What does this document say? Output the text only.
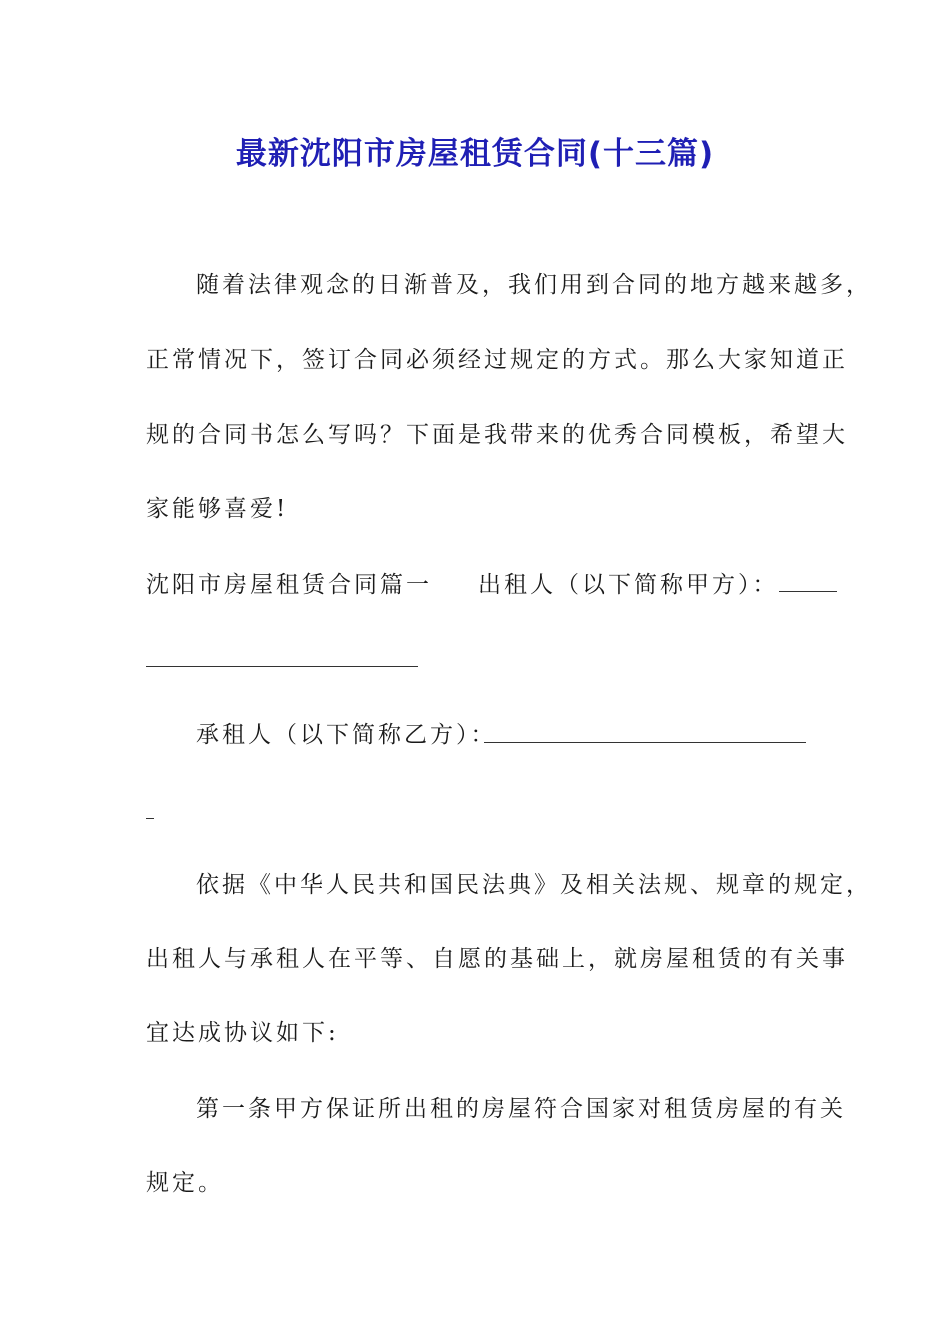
最新沈阳市房屋租赁合同(十三篇)
随着法律观念的日渐普及，我们用到合同的地方越来越多，
正常情况下，签订合同必须经过规定的方式。那么大家知道正
规的合同书怎么写吗？下面是我带来的优秀合同模板，希望大
家能够喜爱!
沈阳市房屋租赁合同篇一 出租人（以下简称甲方）：
承租人（以下简称乙方）：
依据《中华人民共和国民法典》及相关法规、规章的规定，
出租人与承租人在平等、自愿的基础上，就房屋租赁的有关事
宜达成协议如下:
第一条甲方保证所出租的房屋符合国家对租赁房屋的有关
规定。
